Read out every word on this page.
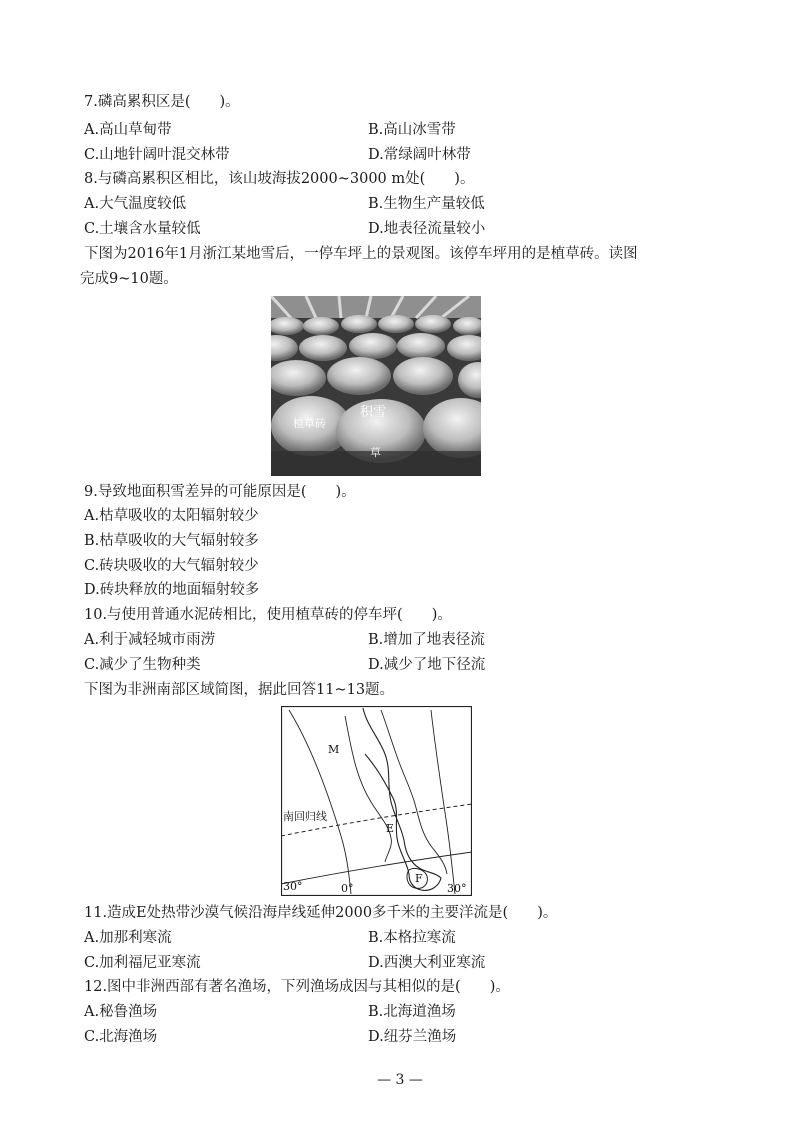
7.磷高累积区是(　　)。
A.高山草甸带	B.高山冰雪带
C.山地针阔叶混交林带	D.常绿阔叶林带
8.与磷高累积区相比，该山坡海拔2000~3000 m处(　　)。
A.大气温度较低	B.生物生产量较低
C.土壤含水量较低	D.地表径流量较小
下图为2016年1月浙江某地雪后，一停车坪上的景观图。该停车坪用的是植草砖。读图
完成9~10题。
植草砖
积雪
草
9.导致地面积雪差异的可能原因是(　　)。
A.枯草吸收的太阳辐射较少
B.枯草吸收的大气辐射较多
C.砖块吸收的大气辐射较少
D.砖块释放的地面辐射较多
10.与使用普通水泥砖相比，使用植草砖的停车坪(　　)。
A.利于减轻城市雨涝	B.增加了地表径流
C.减少了生物种类	D.减少了地下径流
下图为非洲南部区域简图，据此回答11~13题。
M
南回归线
E
F
30°	0°	30°
11.造成E处热带沙漠气候沿海岸线延伸2000多千米的主要洋流是(　　)。
A.加那利寒流	B.本格拉寒流
C.加利福尼亚寒流	D.西澳大利亚寒流
12.图中非洲西部有著名渔场，下列渔场成因与其相似的是(　　)。
A.秘鲁渔场	B.北海道渔场
C.北海渔场	D.纽芬兰渔场
— 3 —
